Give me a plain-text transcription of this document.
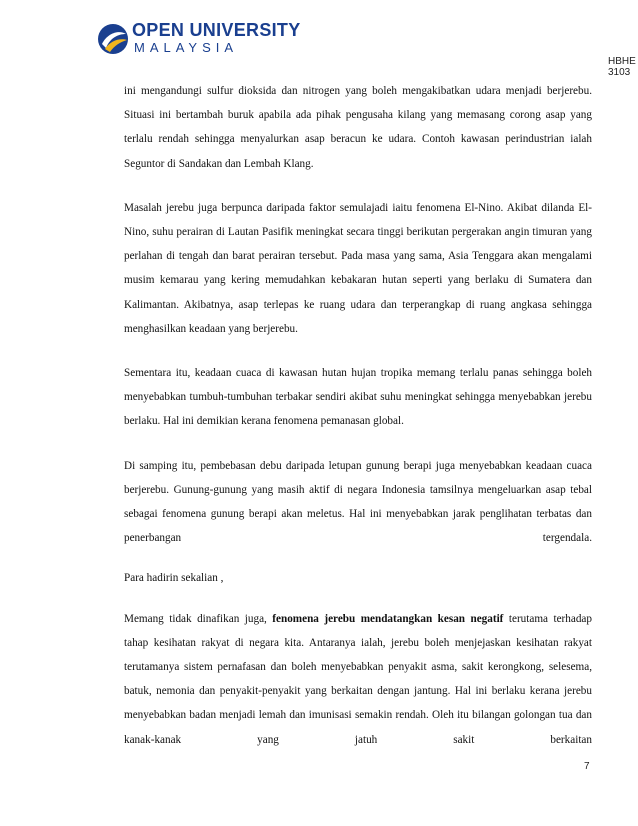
OPEN UNIVERSITY
MALAYSIA
HBHE 3103

ini mengandungi sulfur dioksida dan nitrogen yang boleh mengakibatkan udara menjadi berjerebu. Situasi ini bertambah buruk apabila ada pihak pengusaha kilang yang memasang corong asap yang terlalu rendah sehingga menyalurkan asap beracun ke udara. Contoh kawasan perindustrian ialah Seguntor di Sandakan dan Lembah Klang.

Masalah jerebu juga berpunca daripada faktor semulajadi iaitu fenomena El-Nino. Akibat dilanda El-Nino, suhu perairan di Lautan Pasifik meningkat secara tinggi berikutan pergerakan angin timuran yang perlahan di tengah dan barat perairan tersebut. Pada masa yang sama, Asia Tenggara akan mengalami musim kemarau yang kering memudahkan kebakaran hutan seperti yang berlaku di Sumatera dan Kalimantan. Akibatnya, asap terlepas ke ruang udara dan terperangkap di ruang angkasa sehingga menghasilkan keadaan yang berjerebu.

Sementara itu, keadaan cuaca di kawasan hutan hujan tropika memang terlalu panas sehingga boleh menyebabkan tumbuh-tumbuhan terbakar sendiri akibat suhu meningkat sehingga menyebabkan jerebu berlaku. Hal ini demikian kerana fenomena pemanasan global.

Di samping itu, pembebasan debu daripada letupan gunung berapi juga menyebabkan keadaan cuaca berjerebu. Gunung-gunung yang masih aktif di negara Indonesia tamsilnya mengeluarkan asap tebal sebagai fenomena gunung berapi akan meletus. Hal ini menyebabkan jarak penglihatan terbatas dan penerbangan tergendala.

Para hadirin sekalian ,

Memang tidak dinafikan juga, fenomena jerebu mendatangkan kesan negatif terutama terhadap tahap kesihatan rakyat di negara kita. Antaranya ialah, jerebu boleh menjejaskan kesihatan rakyat terutamanya sistem pernafasan dan boleh menyebabkan penyakit asma, sakit kerongkong, selesema, batuk, nemonia dan penyakit-penyakit yang berkaitan dengan jantung. Hal ini berlaku kerana jerebu menyebabkan badan menjadi lemah dan imunisasi semakin rendah. Oleh itu bilangan golongan tua dan kanak-kanak yang jatuh sakit berkaitan

7
